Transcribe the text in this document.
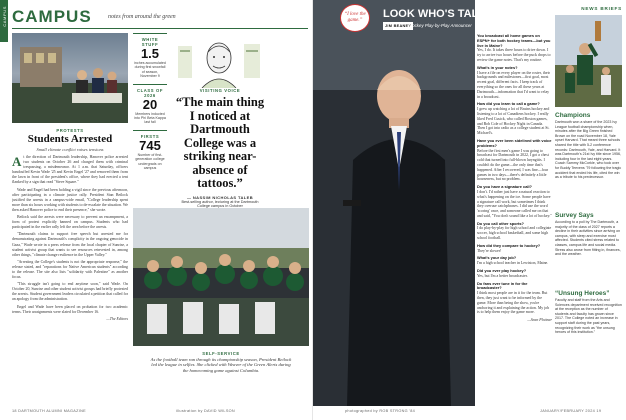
CAMPUS CAMPUS	notes from around the green
PROTESTS
Students Arrested
Small climate conflict raises tensions

At the direction of Dartmouth leadership, Hanover police arrested two students on October 26 and charged them with criminal trespassing, a misdemeanor. At 1 a.m. that Saturday, officers handcuffed Kevin Wade '25 and Kevin Engel '27 and removed them from the lawn in front of the president's office, where they had erected a tent flanked by a sign that read "Sieve Square."

Wade and Engel had been holding a vigil since the previous afternoon, after participating in a climate justice rally. President Sian Beilock justified the arrests in a campus-wide email, "College leadership spent more than six hours working with students to de-escalate the situation. We then asked Hanover police to end their presence," she wrote.

Beilock said the arrests were necessary to prevent an encampment, a form of protest explicitly banned on campus. Students who had participated in the earlier rally left the area before the arrests.

"Dartmouth claims to support free speech but arrested me for demonstrating against Dartmouth's complicity in the ongoing genocide in Gaza," Wade wrote in a press release from the local chapter of Sunrise, a student activist group that wants to see resources reinvested in, among other things, "climate change resilience in the Upper Valley."

"Arresting the College's students is not the appropriate response," the release stated, and "reparations for Native American students" according to the release. The site also lists "solidarity with Palestine" as another focus.

"This struggle isn't going to end anytime soon," said Wade. On October 20, Sunrise and other student activist groups had briefly protested the arrests. Student government leaders circulated a petition that called for an apology from the administration.

Engel and Wade have been placed on probation for two academic terms. Their arraignments were slated for December 16.

—The Editors

WHITE STUFF
1.5
inches accumulated during first snowfall of season, November 9
CLASS OF 2026
20
Members inducted into Phi Beta Kappa last fall
FIRSTS
745
Number of first-generation college undergrads on campus
VISITING VOICE
“The main thing I noticed at Dartmouth College was a striking near-absence of tattoos.”
— NASSIM NICHOLAS TALEB
Best-selling author, lecturing at the Dartmouth College campus in October
SELF-SERVICE
As the football team ran through its championship season, President Beilock led the league in selfies. She clicked with Weaver of the Green Alerts during the homecoming game against Columbia.
18 DARTMOUTH ALUMNI MAGAZINE	illustration by DAVID WILSON
“I love the game.”
LOOK WHO'S TALKING
JIM BEANEY
Hockey Play-by-Play Announcer
You broadcast all home games on ESPN+ for both hockey teams—but you live in Maine?
Yes, I do. It takes three hours to drive down. I try to arrive two hours before the puck drops to review the game notes. That's my routine.
What's in your notes?
I have a file on every player on the roster, their backgrounds and milestones—first goal, most recent goal, different facts. I keep track of everything so the ones for all these years at Dartmouth—information that I'd want to relay in a broadcast.
How did you learn to call a game?
I grew up watching a lot of Bruins hockey and listening to a lot of Canadiens hockey. I really liked Fred Cusick, who called Boston games, and Bob Cole of Hockey Night in Canada. Then I got into radio as a college student at St. Michael's.
Have you ever been sidelined with voice problems?
Before the first men's game I was going to broadcast for Dartmouth in 2022, I got a chest cold that turned into full-blown laryngitis. I couldn't do the game—the only time that's happened. After I recovered, I was fine—four games in two days—there's definitely a little hoarseness, but no problem.
Do you have a signature call?
I don't. I'd rather just have a natural reaction to what's happening on the ice. Some people have a signature call work, but sometimes I think they overuse catchphrases. I did use the word 'scoring' once, and someone called me on that and said, "You don't sound like a lot of hockey."
Do you call other sports?
I do play-by-play for high school and collegiate soccer, high school basketball, and some high school football.
How did they compare to hockey?
They're slower!
What's your day job?
I'm a high school teacher in Lewiston, Maine.
Did you ever play hockey?
Yes, but I'm a better broadcaster.
Do fans ever tune in for the broadcaster?
I think most people are in it for the team. But then, they just want to be informed by the game. More than being the show, you're anchoring it and explaining the action. My job is to help them enjoy the game more.
—Sean Plottner
NEWS BRIEFS
Champions

Dartmouth won a share of the 2023 Ivy League football championship when, minutes after the Big Green finished Brown on the road November 18, Yale upset Harvard. That meant three schools shared the title with 5-2 conference records: Dartmouth, Yale, and Harvard. It was Dartmouth's 21st Ivy title since 1956, including four in the last eight years. Coach Sammy McCorkle, who took over for Buddy Teevens '79 following the tragic accident that ended his life, cited the win as a tribute to his predecessor.

Survey Says

According to a poll by The Dartmouth, a majority of the class of 2027 reports a decline in their activities since arriving on campus, with sleep and exercise most affected. Students cited stress related to classes, campus life and social media. Stress also arose from fitting in, finances, and the weather.

“Unsung Heroes”

Faculty and staff from the Arts and Sciences department received recognition at the reception as the number of students and faculty has grown since 2017. The College noted an increase in support staff during the past years, recognizing their work as "the unsung heroes of this institution."

photographed by ROB STRONG '84	JANUARY/FEBRUARY 2024 19
